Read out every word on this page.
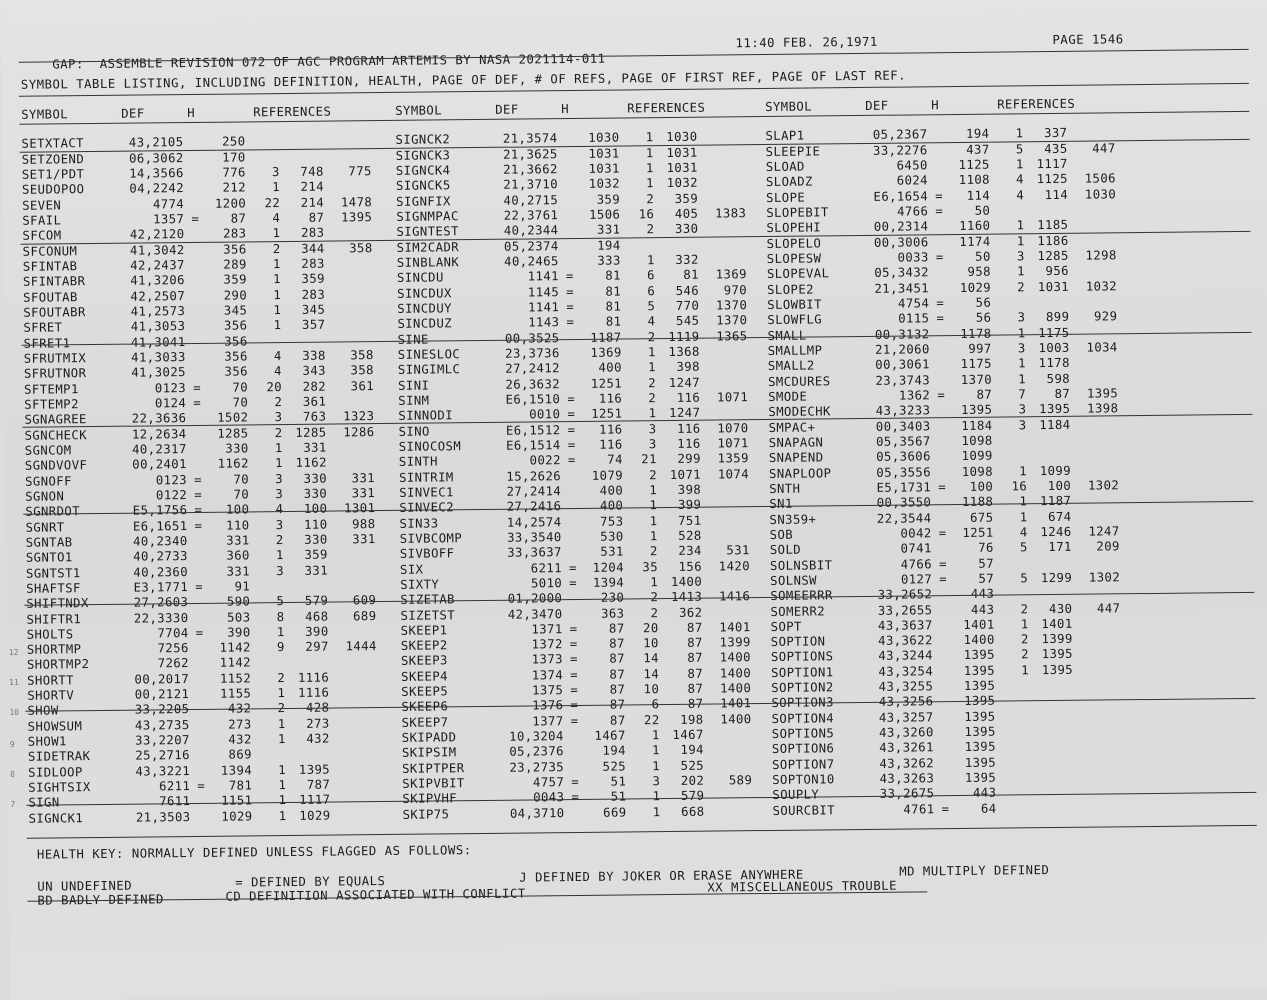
GAP:  ASSEMBLE REVISION 072 OF AGC PROGRAM ARTEMIS BY NASA 2021114-011

11:40 FEB. 26,1971	PAGE 1546
SYMBOL TABLE LISTING, INCLUDING DEFINITION, HEALTH, PAGE OF DEF, # OF REFS, PAGE OF FIRST REF, PAGE OF LAST REF.
SYMBOL	DEF	H	REFERENCES
SETXTACT	43,2105	250
SETZOEND	06,3062	170
SET1/PDT	14,3566	776	3	748	775
SEUDOPOO	04,2242	212	1	214
SEVEN	4774	1200	22	214	1478
SFAIL	1357 =	87	4	87	1395
SFCOM	42,2120	283	1	283
SFCONUM	41,3042	356	2	344	358
SFINTAB	42,2437	289	1	283
SFINTABR	41,3206	359	1	359
SFOUTAB	42,2507	290	1	283
SFOUTABR	41,2573	345	1	345
SFRET	41,3053	356	1	357
SFRET1	41,3041	356
SFRUTMIX	41,3033	356	4	338	358
SFRUTNOR	41,3025	356	4	343	358
SFTEMP1	0123 =	70	20	282	361
SFTEMP2	0124 =	70	2	361
SGNAGREE	22,3636	1502	3	763	1323
SGNCHECK	12,2634	1285	2	1285	1286
SGNCOM	40,2317	330	1	331
SGNDVOVF	00,2401	1162	1	1162
SGNOFF	0123 =	70	3	330	331
SGNON	0122 =	70	3	330	331
SGNRDOT	E5,1756 =	100	4	100	1301
SGNRT	E6,1651 =	110	3	110	988
SGNTAB	40,2340	331	2	330	331
SGNTO1	40,2733	360	1	359
SGNTST1	40,2360	331	3	331
SHAFTSF	E3,1771 =	91
SHIFTNDX	27,2603	590	5	579	609
SHIFTR1	22,3330	503	8	468	689
SHOLTS	7704 =	390	1	390
SHORTMP	7256	1142	9	297	1444
SHORTMP2	7262	1142
SHORTT	00,2017	1152	2	1116
SHORTV	00,2121	1155	1	1116
SHOW	33,2205	432	2	428
SHOWSUM	43,2735	273	1	273
SHOW1	33,2207	432	1	432
SIDETRAK	25,2716	869
SIDLOOP	43,3221	1394	1	1395
SIGHTSIX	6211 =	781	1	787
SIGN	7611	1151	1	1117
SIGNCK1	21,3503	1029	1	1029
SYMBOL	DEF	H	REFERENCES
SIGNCK2	21,3574	1030	1	1030
SIGNCK3	21,3625	1031	1	1031
SIGNCK4	21,3662	1031	1	1031
SIGNCK5	21,3710	1032	1	1032
SIGNFIX	40,2715	359	2	359
SIGNMPAC	22,3761	1506	16	405	1383
SIGNTEST	40,2344	331	2	330
SIM2CADR	05,2374	194
SINBLANK	40,2465	333	1	332
SINCDU	1141 =	81	6	81	1369
SINCDUX	1145 =	81	6	546	970
SINCDUY	1141 =	81	5	770	1370
SINCDUZ	1143 =	81	4	545	1370
SINE	00,3525	1187	2	1119	1365
SINESLOC	23,3736	1369	1	1368
SINGIMLC	27,2412	400	1	398
SINI	26,3632	1251	2	1247
SINM	E6,1510 =	116	2	116	1071
SINNODI	0010 =	1251	1	1247
SINO	E6,1512 =	116	3	116	1070
SINOCOSM	E6,1514 =	116	3	116	1071
SINTH	0022 =	74	21	299	1359
SINTRIM	15,2626	1079	2	1071	1074
SINVEC1	27,2414	400	1	398
SINVEC2	27,2416	400	1	399
SIN33	14,2574	753	1	751
SIVBCOMP	33,3540	530	1	528
SIVBOFF	33,3637	531	2	234	531
SIX	6211 =	1204	35	156	1420
SIXTY	5010 =	1394	1	1400
SIZETAB	01,2000	230	2	1413	1416
SIZETST	42,3470	363	2	362
SKEEP1	1371 =	87	20	87	1401
SKEEP2	1372 =	87	10	87	1399
SKEEP3	1373 =	87	14	87	1400
SKEEP4	1374 =	87	14	87	1400
SKEEP5	1375 =	87	10	87	1400
SKEEP6	1376 =	87	6	87	1401
SKEEP7	1377 =	87	22	198	1400
SKIPADD	10,3204	1467	1	1467
SKIPSIM	05,2376	194	1	194
SKIPTPER	23,2735	525	1	525
SKIPVBIT	4757 =	51	3	202	589
SKIPVHF	0043 =	51	1	579
SKIP75	04,3710	669	1	668
SYMBOL	DEF	H	REFERENCES
SLAP1	05,2367	194	1	337
SLEEPIE	33,2276	437	5	435	447
SLOAD	6450	1125	1	1117
SLOADZ	6024	1108	4	1125	1506
SLOPE	E6,1654 =	114	4	114	1030
SLOPEBIT	4766 =	50
SLOPEHI	00,2314	1160	1	1185
SLOPELO	00,3006	1174	1	1186
SLOPESW	0033 =	50	3	1285	1298
SLOPEVAL	05,3432	958	1	956
SLOPE2	21,3451	1029	2	1031	1032
SLOWBIT	4754 =	56
SLOWFLG	0115 =	56	3	899	929
SMALL	00,3132	1178	1	1175
SMALLMP	21,2060	997	3	1003	1034
SMALL2	00,3061	1175	1	1178
SMCDURES	23,3743	1370	1	598
SMODE	1362 =	87	7	87	1395
SMODECHK	43,3233	1395	3	1395	1398
SMPAC+	00,3403	1184	3	1184
SNAPAGN	05,3567	1098
SNAPEND	05,3606	1099
SNAPLOOP	05,3556	1098	1	1099
SNTH	E5,1731 =	100	16	100	1302
SN1	00,3550	1188	1	1187
SN359+	22,3544	675	1	674
SOB	0042 =	1251	4	1246	1247
SOLD	0741	76	5	171	209
SOLNSBIT	4766 =	57
SOLNSW	0127 =	57	5	1299	1302
SOMEERRR	33,2652	443
SOMERR2	33,2655	443	2	430	447
SOPT	43,3637	1401	1	1401
SOPTION	43,3622	1400	2	1399
SOPTIONS	43,3244	1395	2	1395
SOPTION1	43,3254	1395	1	1395
SOPTION2	43,3255	1395
SOPTION3	43,3256	1395
SOPTION4	43,3257	1395
SOPTION5	43,3260	1395
SOPTION6	43,3261	1395
SOPTION7	43,3262	1395
SOPTON10	43,3263	1395
SOUPLY	33,2675	443
SOURCBIT	4761 =	64
HEALTH KEY: NORMALLY DEFINED UNLESS FLAGGED AS FOLLOWS:
UN UNDEFINED	= DEFINED BY EQUALS	J DEFINED BY JOKER OR ERASE ANYWHERE	MD MULTIPLY DEFINED
BD BADLY DEFINED	CD DEFINITION ASSOCIATED WITH CONFLICT	XX MISCELLANEOUS TROUBLE
12
11
10
9
8
7
